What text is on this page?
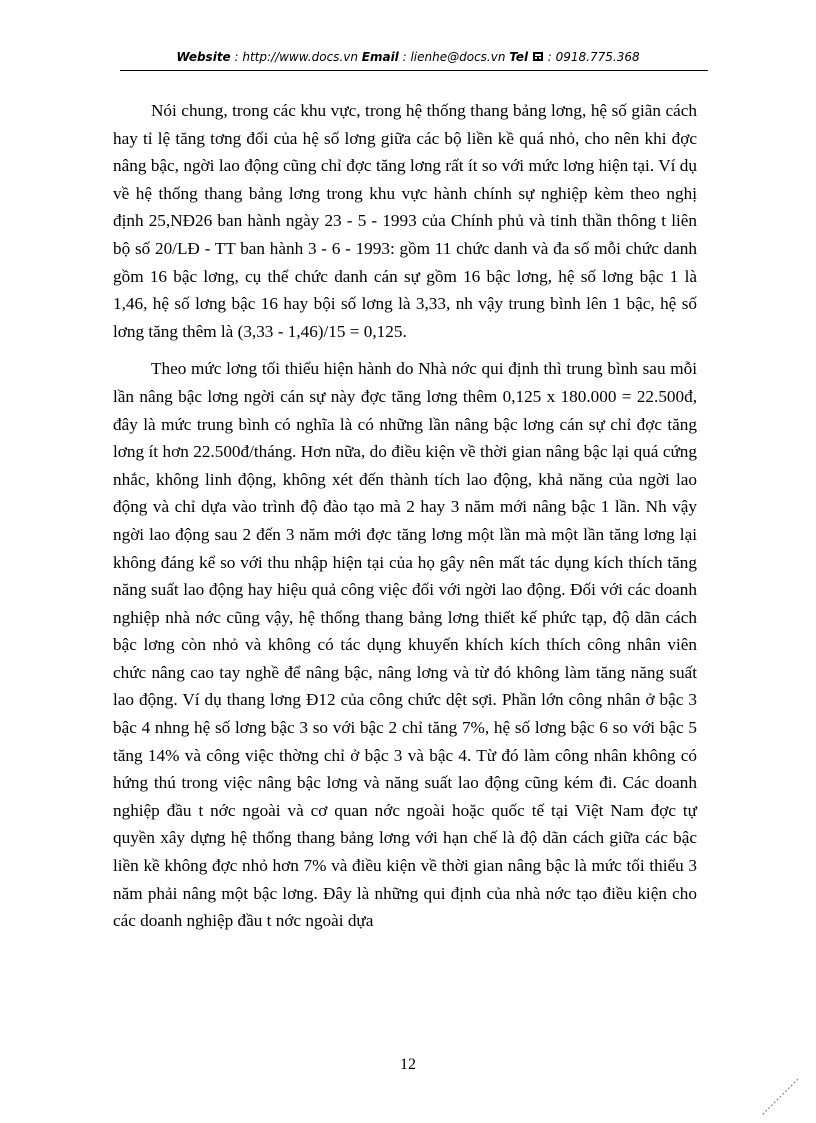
Website : http://www.docs.vn Email : lienhe@docs.vn Tel  : 0918.775.368

Nói chung, trong các khu vực, trong hệ thống thang bảng lơng, hệ số giãn cách hay tỉ lệ tăng tơng đối của hệ số lơng giữa các bộ liền kề quá nhỏ, cho nên khi đợc nâng bậc, ngời lao động cũng chỉ đợc tăng lơng rất ít so với mức lơng hiện tại. Ví dụ về hệ thống thang bảng lơng trong khu vực hành chính sự nghiệp kèm theo nghị định 25,NĐ26 ban hành ngày 23 - 5 - 1993 của Chính phủ và tinh thần thông t liên bộ số 20/LĐ - TT ban hành 3 - 6 - 1993: gồm 11 chức danh và đa số mỗi chức danh gồm 16 bậc lơng, cụ thể chức danh cán sự gồm 16 bậc lơng, hệ số lơng bậc 1 là 1,46, hệ số lơng bậc 16 hay bội số lơng là 3,33, nh vậy trung bình lên 1 bậc, hệ số lơng tăng thêm là (3,33 - 1,46)/15 = 0,125.

Theo mức lơng tối thiểu hiện hành do Nhà nớc qui định thì trung bình sau mỗi lần nâng bậc lơng ngời cán sự này đợc tăng lơng thêm 0,125 x 180.000 = 22.500đ, đây là mức trung bình có nghĩa là có những lần nâng bậc lơng cán sự chỉ đợc tăng lơng ít hơn 22.500đ/tháng. Hơn nữa, do điều kiện về thời gian nâng bậc lại quá cứng nhắc, không linh động, không xét đến thành tích lao động, khả năng của ngời lao động và chỉ dựa vào trình độ đào tạo mà 2 hay 3 năm mới nâng bậc 1 lần. Nh vậy ngời lao động sau 2 đến 3 năm mới đợc tăng lơng một lần mà một lần tăng lơng lại không đáng kể so với thu nhập hiện tại của họ gây nên mất tác dụng kích thích tăng năng suất lao động hay hiệu quả công việc đối với ngời lao động. Đối với các doanh nghiệp nhà nớc cũng vậy, hệ thống thang bảng lơng thiết kế phức tạp, độ dãn cách bậc lơng còn nhỏ và không có tác dụng khuyến khích kích thích công nhân viên chức nâng cao tay nghề để nâng bậc, nâng lơng và từ đó không làm tăng năng suất lao động. Ví dụ thang lơng Đ12 của công chức dệt sợi. Phần lớn công nhân ở bậc 3 bậc 4 nhng hệ số lơng bậc 3 so với bậc 2 chỉ tăng 7%, hệ số lơng bậc 6 so với bậc 5 tăng 14% và công việc thờng chỉ ở bậc 3 và bậc 4. Từ đó làm công nhân không có hứng thú trong việc nâng bậc lơng và năng suất lao động cũng kém đi. Các doanh nghiệp đầu t nớc ngoài và cơ quan nớc ngoài hoặc quốc tế tại Việt Nam đợc tự quyền xây dựng hệ thống thang bảng lơng với hạn chế là độ dãn cách giữa các bậc liền kề không đợc nhỏ hơn 7% và điều kiện về thời gian nâng bậc là mức tối thiểu 3 năm phải nâng một bậc lơng. Đây là những qui định của nhà nớc tạo điều kiện cho các doanh nghiệp đầu t nớc ngoài dựa

12
